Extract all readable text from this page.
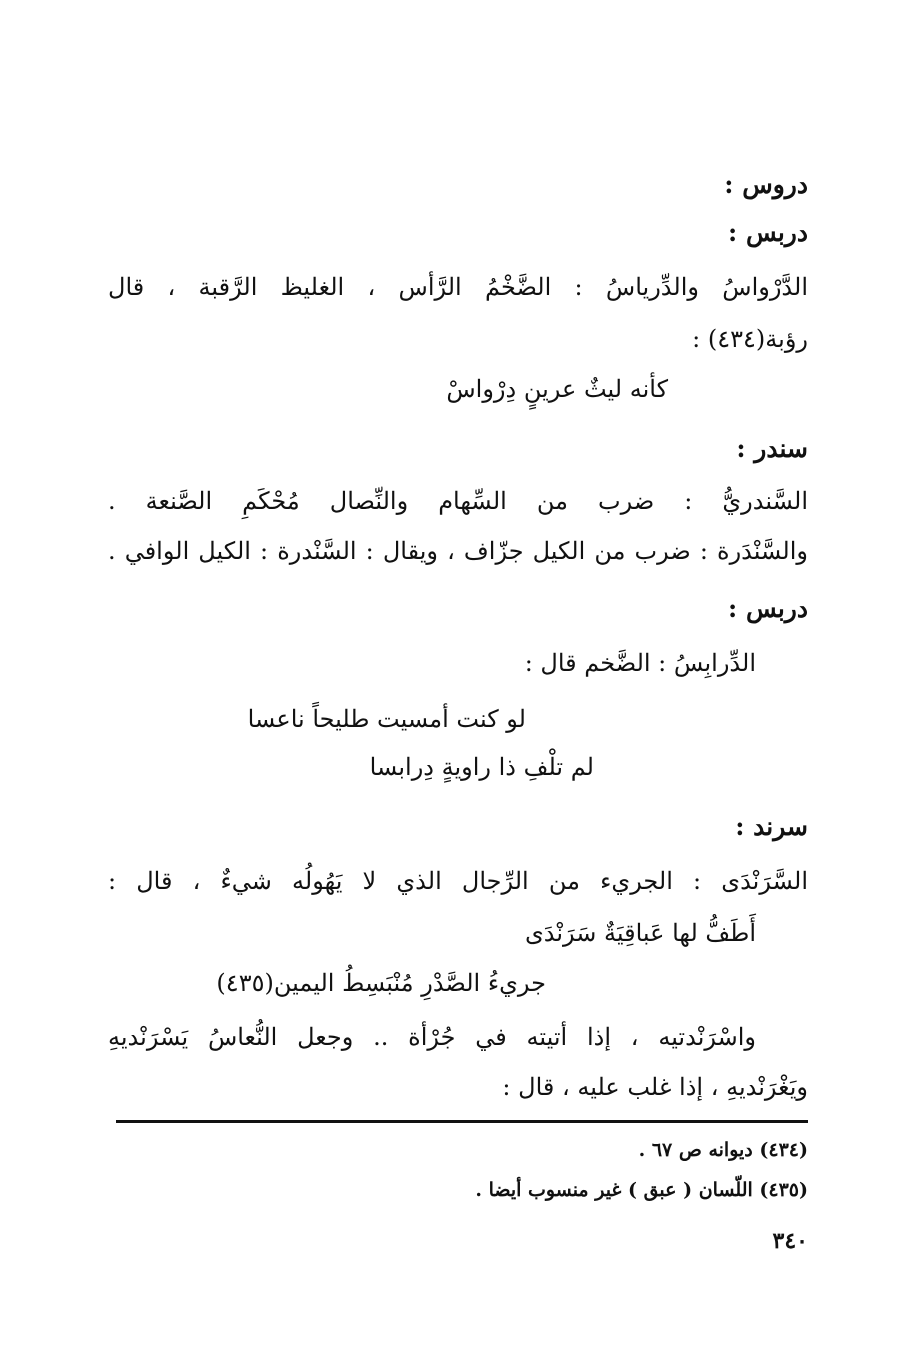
دروس :
دربس :
الدَّرْواسُ والدِّرياسُ : الضَّخْمُ الرَّأس ، الغليظ الرَّقبة ، قال
رؤبة(٤٣٤) :
كأنه ليثٌ عرينٍ دِرْواسْ
سندر :
السَّندريُّ : ضرب من السِّهام والنِّصال مُحْكَمِ الصَّنعة .
والسَّنْدَرة : ضرب من الكيل جزّاف ، ويقال : السَّنْدرة : الكيل الوافي .
دربس :
الدِّرابِسُ : الضَّخم قال :
لو كنت أمسيت طليحاً ناعسا
لم تلْفِ ذا راويةٍ دِرابسا
سرند :
السَّرَنْدَى : الجريء من الرِّجال الذي لا يَهُولُه شيءٌ ، قال :
أَطَفُّ لها عَباقِيَةٌ سَرَنْدَى
جريءُ الصَّدْرِ مُنْبَسِطُ اليمين(٤٣٥)
واسْرَنْدتيه ، إذا أتيته في جُرْأة .. وجعل النُّعاسُ يَسْرَنْديهِ
ويَغْرَنْديهِ ، إذا غلب عليه ، قال :
(٤٣٤) ديوانه ص ٦٧ .
(٤٣٥) اللّسان ( عبق ) غير منسوب أيضا .
٣٤٠
